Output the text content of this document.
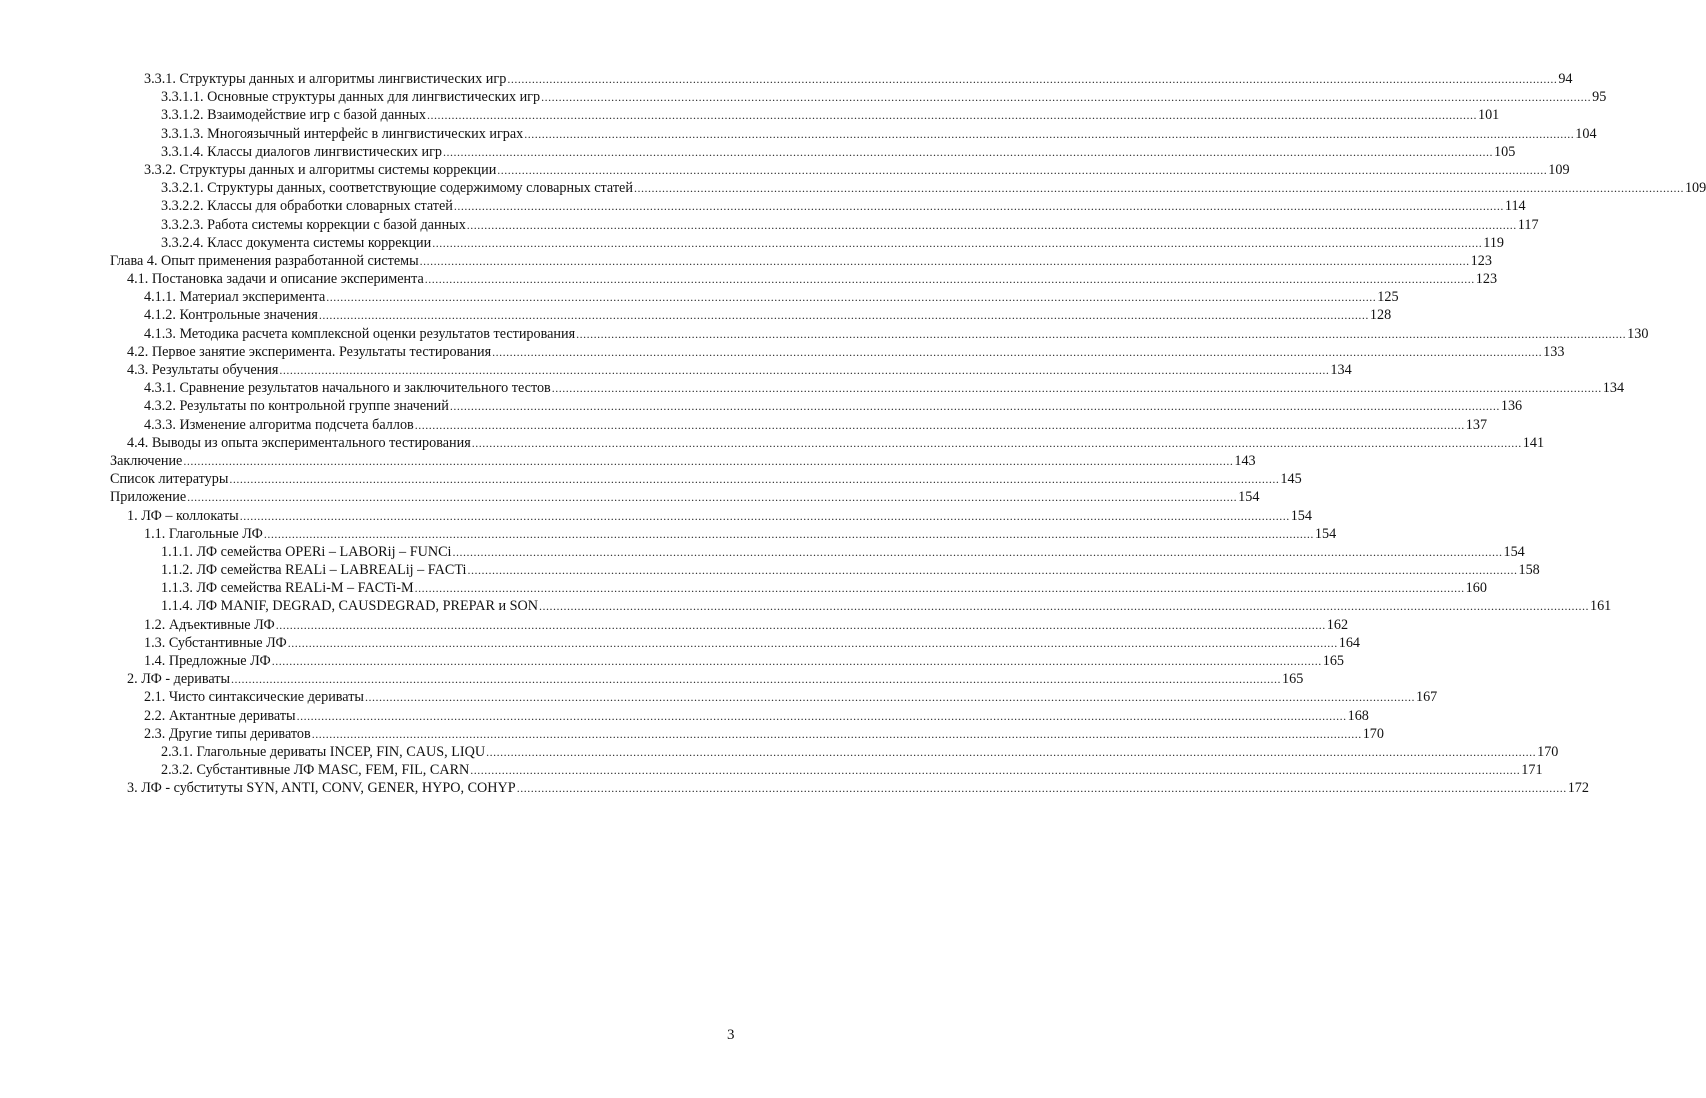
3.3.1. Структуры данных и алгоритмы лингвистических игр ............................................................................................................................................................................................................................................................................................................ 94
3.3.1.1. Основные структуры данных для лингвистических игр ............................................................................................................................................................................................................................................................................................................ 95
3.3.1.2. Взаимодействие игр с базой данных ............................................................................................................................................................................................................................................................................................................ 101
3.3.1.3. Многоязычный интерфейс в лингвистических играх ............................................................................................................................................................................................................................................................................................................ 104
3.3.1.4. Классы диалогов лингвистических игр ............................................................................................................................................................................................................................................................................................................ 105
3.3.2. Структуры данных и алгоритмы системы коррекции ............................................................................................................................................................................................................................................................................................................ 109
3.3.2.1. Структуры данных, соответствующие содержимому словарных статей ............................................................................................................................................................................................................................................................................................................ 109
3.3.2.2. Классы для обработки словарных статей ............................................................................................................................................................................................................................................................................................................ 114
3.3.2.3. Работа системы коррекции с базой данных ............................................................................................................................................................................................................................................................................................................ 117
3.3.2.4. Класс документа системы коррекции ............................................................................................................................................................................................................................................................................................................ 119
Глава 4. Опыт применения разработанной системы ............................................................................................................................................................................................................................................................................................................ 123
4.1. Постановка задачи и описание эксперимента ............................................................................................................................................................................................................................................................................................................ 123
4.1.1. Материал эксперимента ............................................................................................................................................................................................................................................................................................................ 125
4.1.2. Контрольные значения ............................................................................................................................................................................................................................................................................................................ 128
4.1.3. Методика расчета комплексной оценки результатов тестирования ............................................................................................................................................................................................................................................................................................................ 130
4.2. Первое занятие эксперимента. Результаты тестирования ............................................................................................................................................................................................................................................................................................................ 133
4.3. Результаты обучения ............................................................................................................................................................................................................................................................................................................ 134
4.3.1. Сравнение результатов начального и заключительного тестов ............................................................................................................................................................................................................................................................................................................ 134
4.3.2. Результаты по контрольной группе значений ............................................................................................................................................................................................................................................................................................................ 136
4.3.3. Изменение алгоритма подсчета баллов ............................................................................................................................................................................................................................................................................................................ 137
4.4. Выводы из опыта экспериментального тестирования ............................................................................................................................................................................................................................................................................................................ 141
Заключение ............................................................................................................................................................................................................................................................................................................ 143
Список литературы ............................................................................................................................................................................................................................................................................................................ 145
Приложение ............................................................................................................................................................................................................................................................................................................ 154
1. ЛФ – коллокаты ............................................................................................................................................................................................................................................................................................................ 154
1.1. Глагольные ЛФ ............................................................................................................................................................................................................................................................................................................ 154
1.1.1. ЛФ семейства OPERi – LABORij – FUNCi ............................................................................................................................................................................................................................................................................................................ 154
1.1.2. ЛФ семейства REALi – LABREALij – FACTi ............................................................................................................................................................................................................................................................................................................ 158
1.1.3. ЛФ семейства REALi-M – FACTi-M ............................................................................................................................................................................................................................................................................................................ 160
1.1.4. ЛФ MANIF, DEGRAD, CAUSDEGRAD, PREPAR и SON ............................................................................................................................................................................................................................................................................................................ 161
1.2. Адъективные ЛФ ............................................................................................................................................................................................................................................................................................................ 162
1.3. Субстантивные ЛФ ............................................................................................................................................................................................................................................................................................................ 164
1.4. Предложные ЛФ ............................................................................................................................................................................................................................................................................................................ 165
2. ЛФ - дериваты ............................................................................................................................................................................................................................................................................................................ 165
2.1. Чисто синтаксические дериваты ............................................................................................................................................................................................................................................................................................................ 167
2.2. Актантные дериваты ............................................................................................................................................................................................................................................................................................................ 168
2.3. Другие типы дериватов ............................................................................................................................................................................................................................................................................................................ 170
2.3.1. Глагольные дериваты INCEP, FIN, CAUS, LIQU ............................................................................................................................................................................................................................................................................................................ 170
2.3.2. Субстантивные ЛФ MASC, FEM, FIL, CARN ............................................................................................................................................................................................................................................................................................................ 171
3. ЛФ - субституты SYN, ANTI, CONV, GENER, HYPO, COHYP ............................................................................................................................................................................................................................................................................................................ 172
3
